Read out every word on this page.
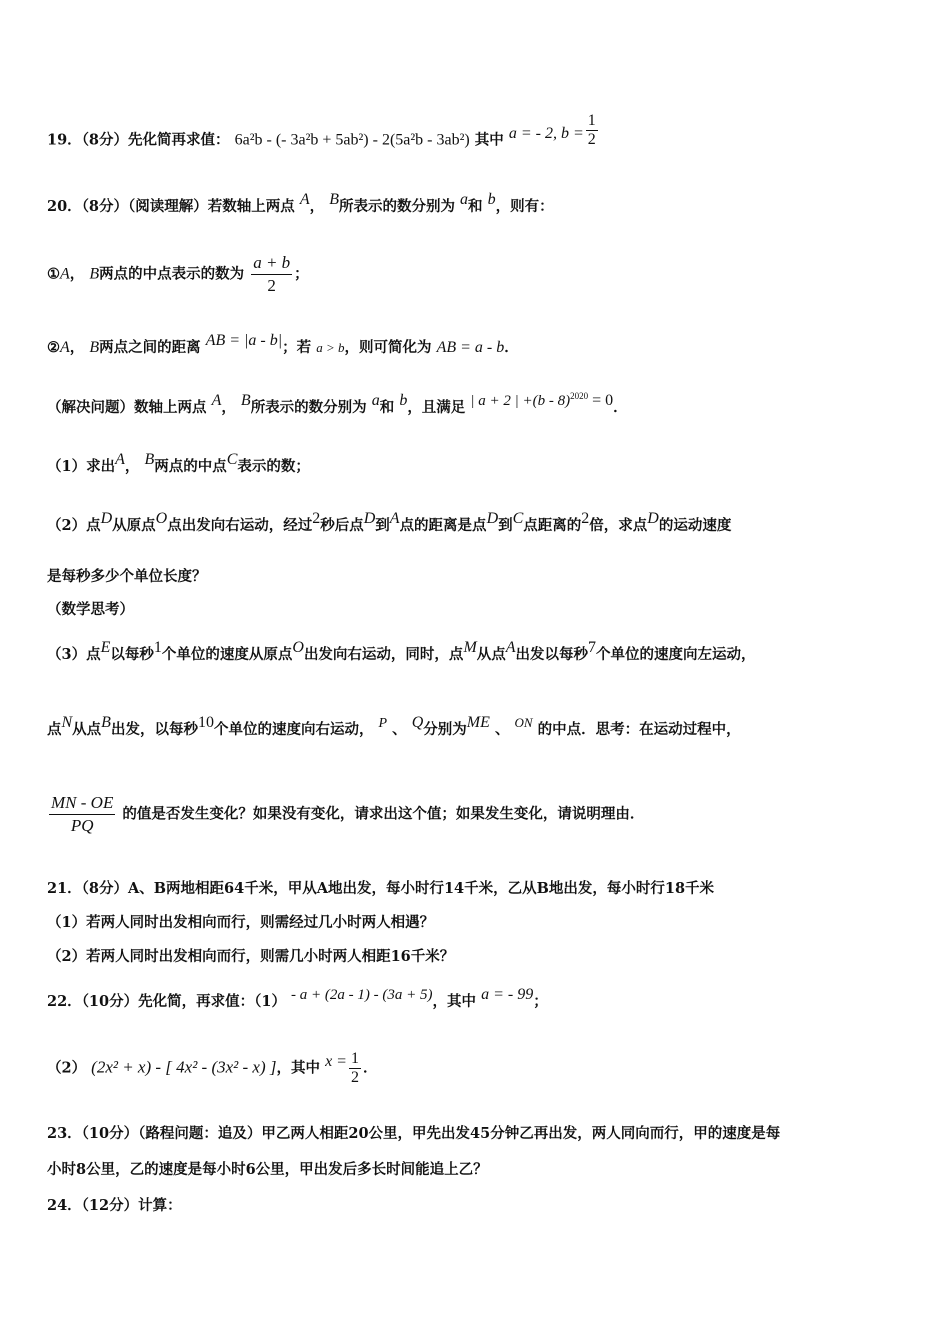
19．（8分）先化简再求值： 6a²b - (- 3a²b + 5ab²) - 2(5a²b - 3ab²) 其中 a = - 2, $b = \frac{1}{2}$
20．（8分）（阅读理解）若数轴上两点 A， B所表示的数分别为 a和 b，则有：
①A， B两点的中点表示的数为 $\frac{a + b}{2}$ ；
②A， B两点之间的距离 AB = |a - b|；若 a > b，则可简化为 AB = a - b．
（解决问题）数轴上两点 A， B所表示的数分别为 a和 b，且满足 | a + 2 | +(b - 8)$^{2020}$ = 0．
（1）求出A， B两点的中点C表示的数；
（2）点D从原点O点出发向右运动，经过2秒后点D到A点的距离是点D到C点距离的2倍，求点D的运动速度
是每秒多少个单位长度？
（数学思考）
（3）点E以每秒1个单位的速度从原点O出发向右运动，同时，点M从点A出发以每秒7个单位的速度向左运动，
点N从点B出发，以每秒10个单位的速度向右运动， P 、 Q分别为ME 、 ON 的中点．思考：在运动过程中，
$\frac{MN - OE}{PQ}$ 的值是否发生变化？如果没有变化，请求出这个值；如果发生变化，请说明理由．
21．（8分）A、B两地相距64千米，甲从A地出发，每小时行14千米，乙从B地出发，每小时行18千米
（1）若两人同时出发相向而行，则需经过几小时两人相遇？
（2）若两人同时出发相向而行，则需几小时两人相距16千米？
22．（10分）先化简，再求值：（1） - a + (2a - 1) - (3a + 5)，其中 a = - 99；
（2） (2x² + x) - [ 4x² - (3x² - x) ]，其中 $x = \frac{1}{2}$ ．
23．（10分）（路程问题：追及）甲乙两人相距20公里，甲先出发45分钟乙再出发，两人同向而行，甲的速度是每
小时8公里，乙的速度是每小时6公里，甲出发后多长时间能追上乙？
24．（12分）计算：
